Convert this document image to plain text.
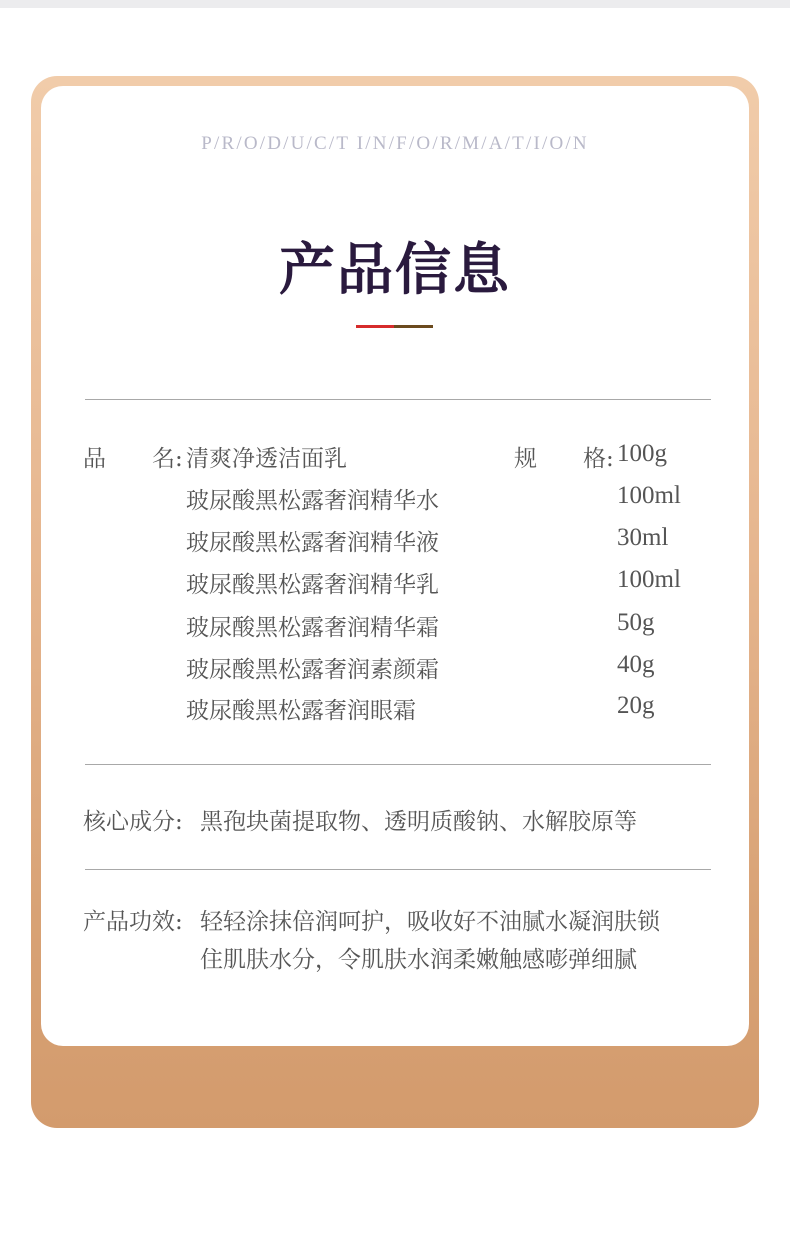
P/R/O/D/U/C/T I/N/F/O/R/M/A/T/I/O/N
产品信息
品　　名:	规　　格:
清爽净透洁面乳	100g
玻尿酸黑松露奢润精华水	100ml
玻尿酸黑松露奢润精华液	30ml
玻尿酸黑松露奢润精华乳	100ml
玻尿酸黑松露奢润精华霜	50g
玻尿酸黑松露奢润素颜霜	40g
玻尿酸黑松露奢润眼霜	20g
核心成分: 黑孢块菌提取物、透明质酸钠、水解胶原等
产品功效: 轻轻涂抹倍润呵护，吸收好不油腻水凝润肤锁
住肌肤水分，令肌肤水润柔嫩触感嘭弹细腻
